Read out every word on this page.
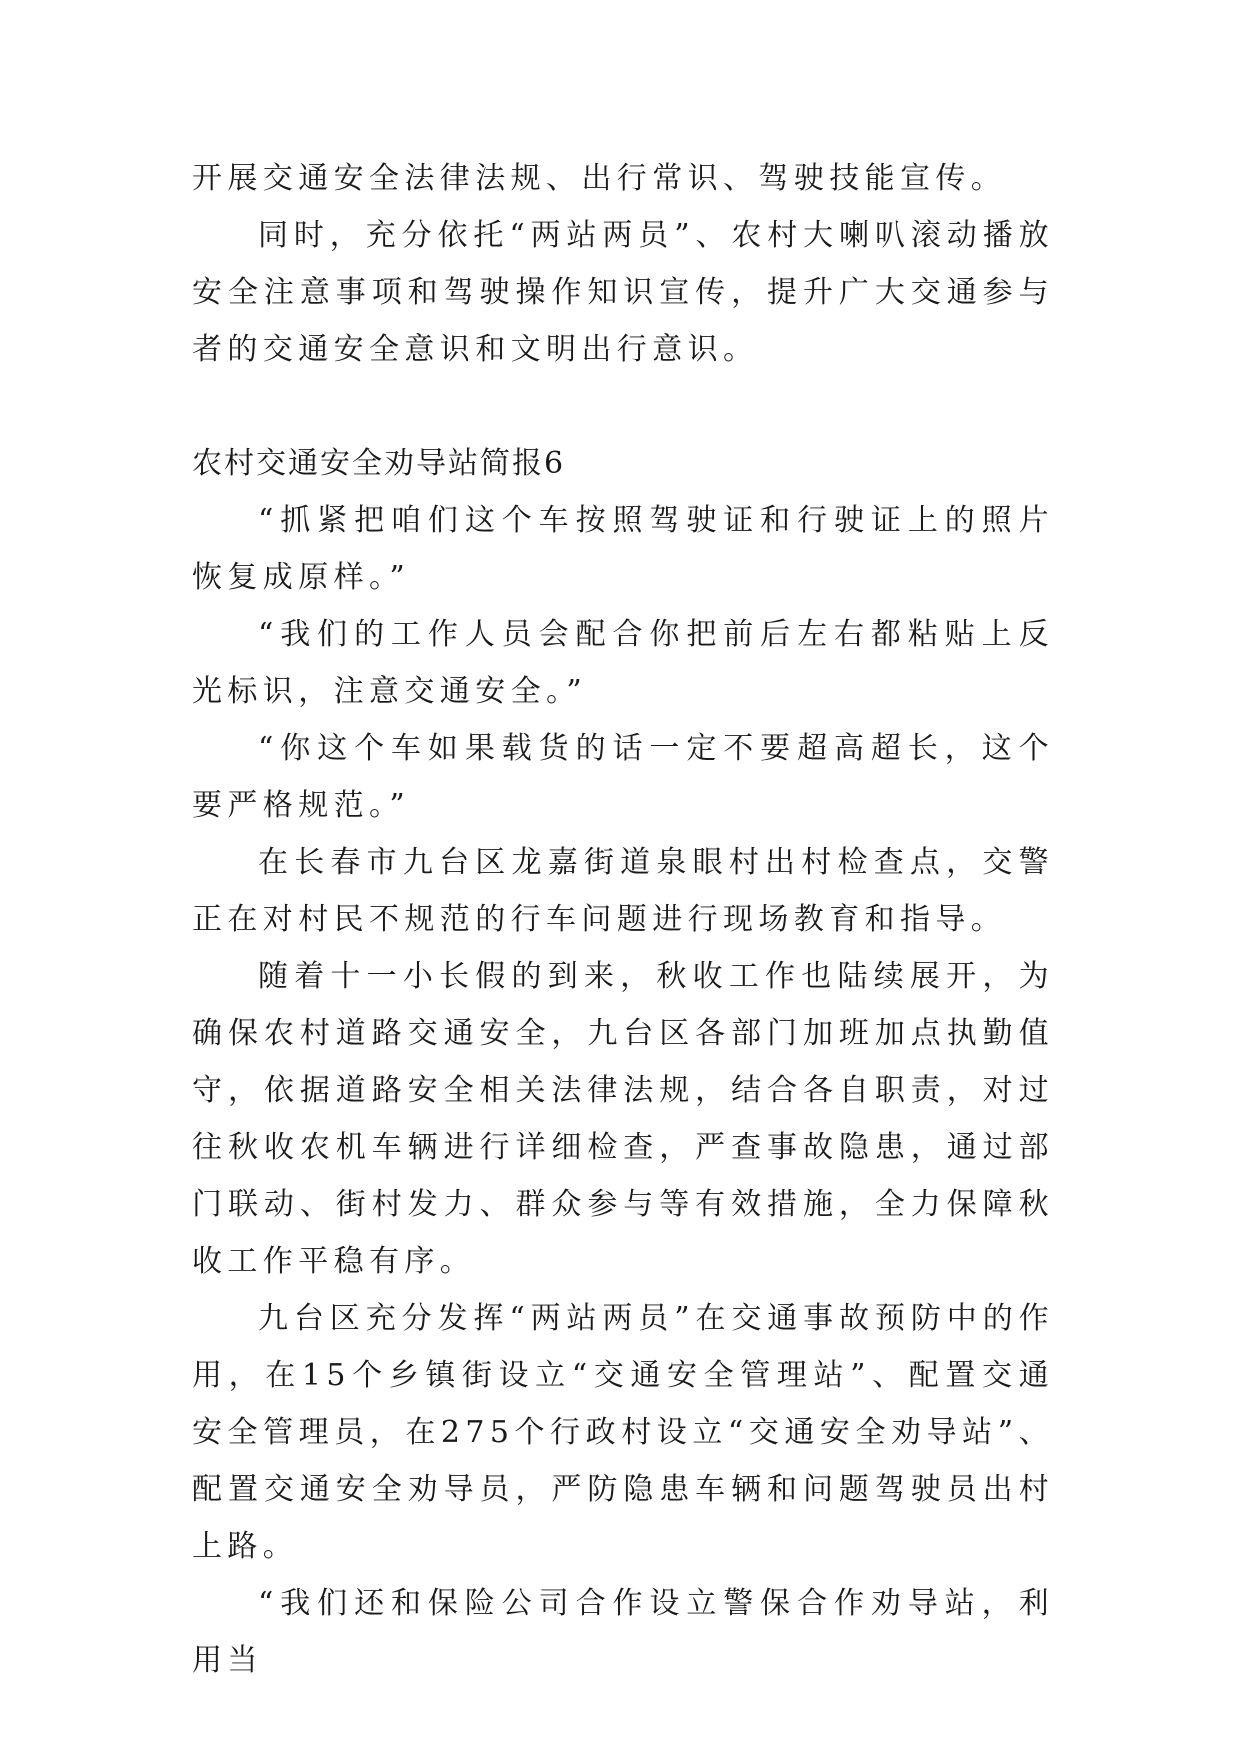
开展交通安全法律法规、出行常识、驾驶技能宣传。

同时，充分依托“两站两员”、农村大喇叭滚动播放安全注意事项和驾驶操作知识宣传，提升广大交通参与者的交通安全意识和文明出行意识。

农村交通安全劝导站简报6

“抓紧把咱们这个车按照驾驶证和行驶证上的照片恢复成原样。”

“我们的工作人员会配合你把前后左右都粘贴上反光标识，注意交通安全。”

“你这个车如果载货的话一定不要超高超长，这个要严格规范。”

在长春市九台区龙嘉街道泉眼村出村检查点，交警正在对村民不规范的行车问题进行现场教育和指导。

随着十一小长假的到来，秋收工作也陆续展开，为确保农村道路交通安全，九台区各部门加班加点执勤值守，依据道路安全相关法律法规，结合各自职责，对过往秋收农机车辆进行详细检查，严查事故隐患，通过部门联动、街村发力、群众参与等有效措施，全力保障秋收工作平稳有序。

九台区充分发挥“两站两员”在交通事故预防中的作用，在15个乡镇街设立“交通安全管理站”、配置交通安全管理员，在275个行政村设立“交通安全劝导站”、配置交通安全劝导员，严防隐患车辆和问题驾驶员出村上路。

“我们还和保险公司合作设立警保合作劝导站，利用当
